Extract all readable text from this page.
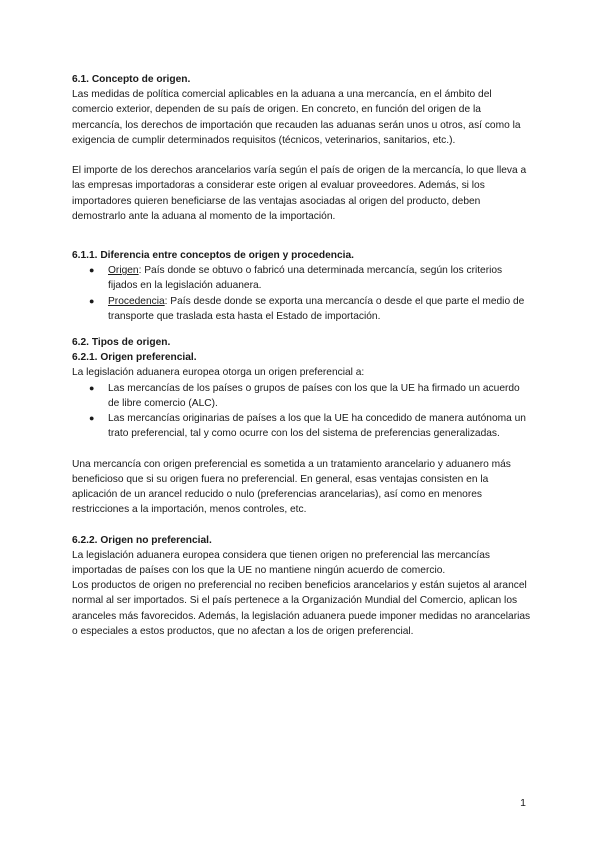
6.1. Concepto de origen.

Las medidas de política comercial aplicables en la aduana a una mercancía, en el ámbito del comercio exterior, dependen de su país de origen. En concreto, en función del origen de la mercancía, los derechos de importación que recauden las aduanas serán unos u otros, así como la exigencia de cumplir determinados requisitos (técnicos, veterinarios, sanitarios, etc.).

El importe de los derechos arancelarios varía según el país de origen de la mercancía, lo que lleva a las empresas importadoras a considerar este origen al evaluar proveedores. Además, si los importadores quieren beneficiarse de las ventajas asociadas al origen del producto, deben demostrarlo ante la aduana al momento de la importación.

6.1.1. Diferencia entre conceptos de origen y procedencia.

● Origen: País donde se obtuvo o fabricó una determinada mercancía, según los criterios fijados en la legislación aduanera.
● Procedencia: País desde donde se exporta una mercancía o desde el que parte el medio de transporte que traslada esta hasta el Estado de importación.

6.2. Tipos de origen.

6.2.1. Origen preferencial.

La legislación aduanera europea otorga un origen preferencial a:

● Las mercancías de los países o grupos de países con los que la UE ha firmado un acuerdo de libre comercio (ALC).
● Las mercancías originarias de países a los que la UE ha concedido de manera autónoma un trato preferencial, tal y como ocurre con los del sistema de preferencias generalizadas.

Una mercancía con origen preferencial es sometida a un tratamiento arancelario y aduanero más beneficioso que si su origen fuera no preferencial. En general, esas ventajas consisten en la aplicación de un arancel reducido o nulo (preferencias arancelarias), así como en menores restricciones a la importación, menos controles, etc.

6.2.2. Origen no preferencial.

La legislación aduanera europea considera que tienen origen no preferencial las mercancías importadas de países con los que la UE no mantiene ningún acuerdo de comercio.

Los productos de origen no preferencial no reciben beneficios arancelarios y están sujetos al arancel normal al ser importados. Si el país pertenece a la Organización Mundial del Comercio, aplican los aranceles más favorecidos. Además, la legislación aduanera puede imponer medidas no arancelarias o especiales a estos productos, que no afectan a los de origen preferencial.

1
